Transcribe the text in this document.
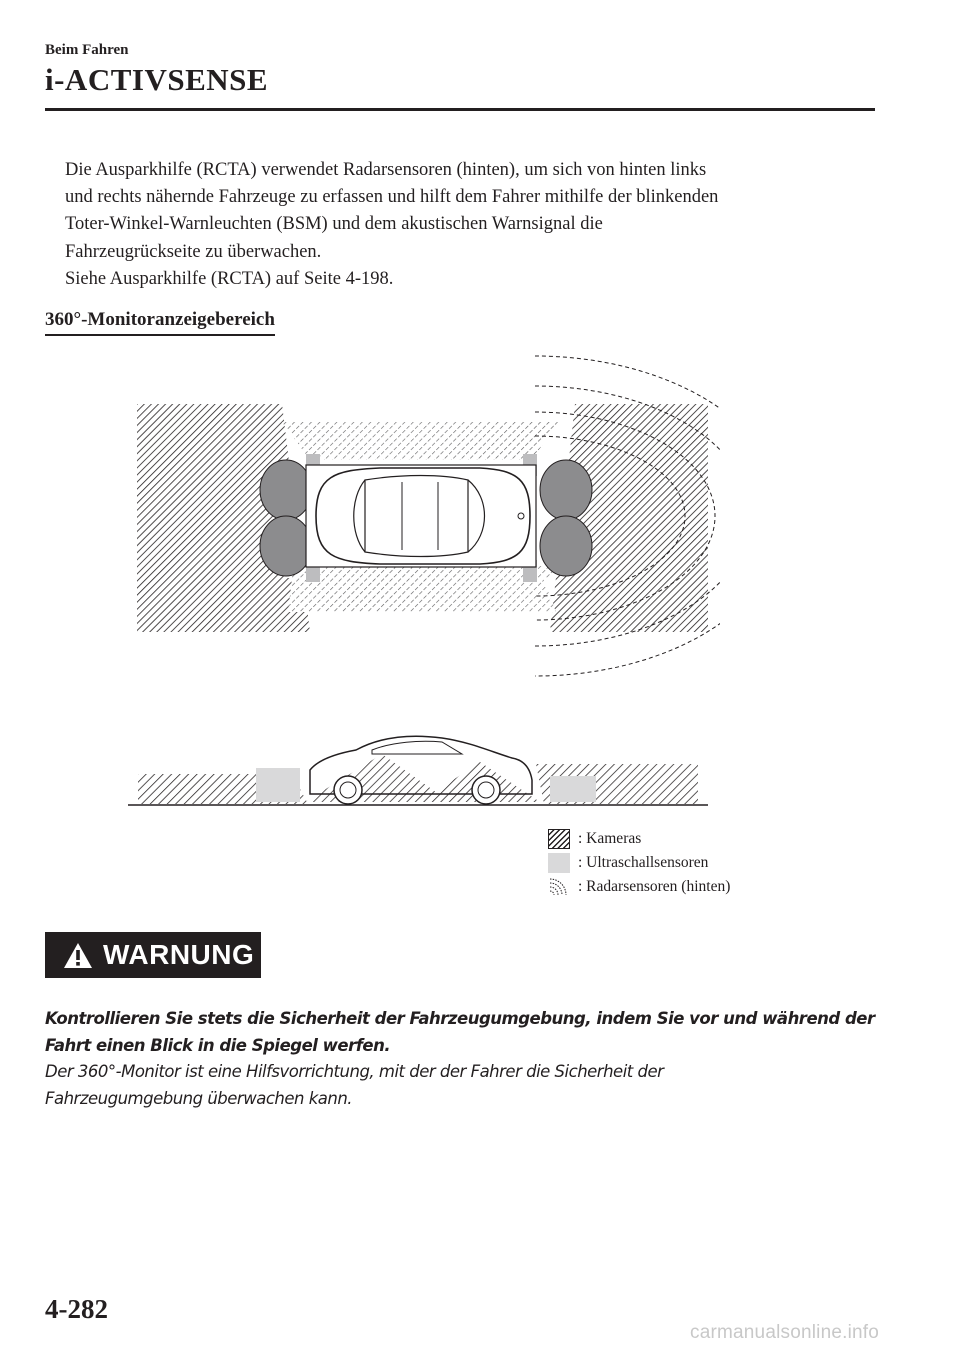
Beim Fahren
i-ACTIVSENSE
Die Ausparkhilfe (RCTA) verwendet Radarsensoren (hinten), um sich von hinten links
und rechts nähernde Fahrzeuge zu erfassen und hilft dem Fahrer mithilfe der blinkenden
Toter-Winkel-Warnleuchten (BSM) und dem akustischen Warnsignal die
Fahrzeugrückseite zu überwachen.
Siehe Ausparkhilfe (RCTA) auf Seite 4-198.
360°-Monitoranzeigebereich
: Kameras
: Ultraschallsensoren
: Radarsensoren (hinten)
WARNUNG
Kontrollieren Sie stets die Sicherheit der Fahrzeugumgebung, indem Sie vor und während der
Fahrt einen Blick in die Spiegel werfen.
Der 360°-Monitor ist eine Hilfsvorrichtung, mit der der Fahrer die Sicherheit der
Fahrzeugumgebung überwachen kann.
4-282
carmanualsonline.info
